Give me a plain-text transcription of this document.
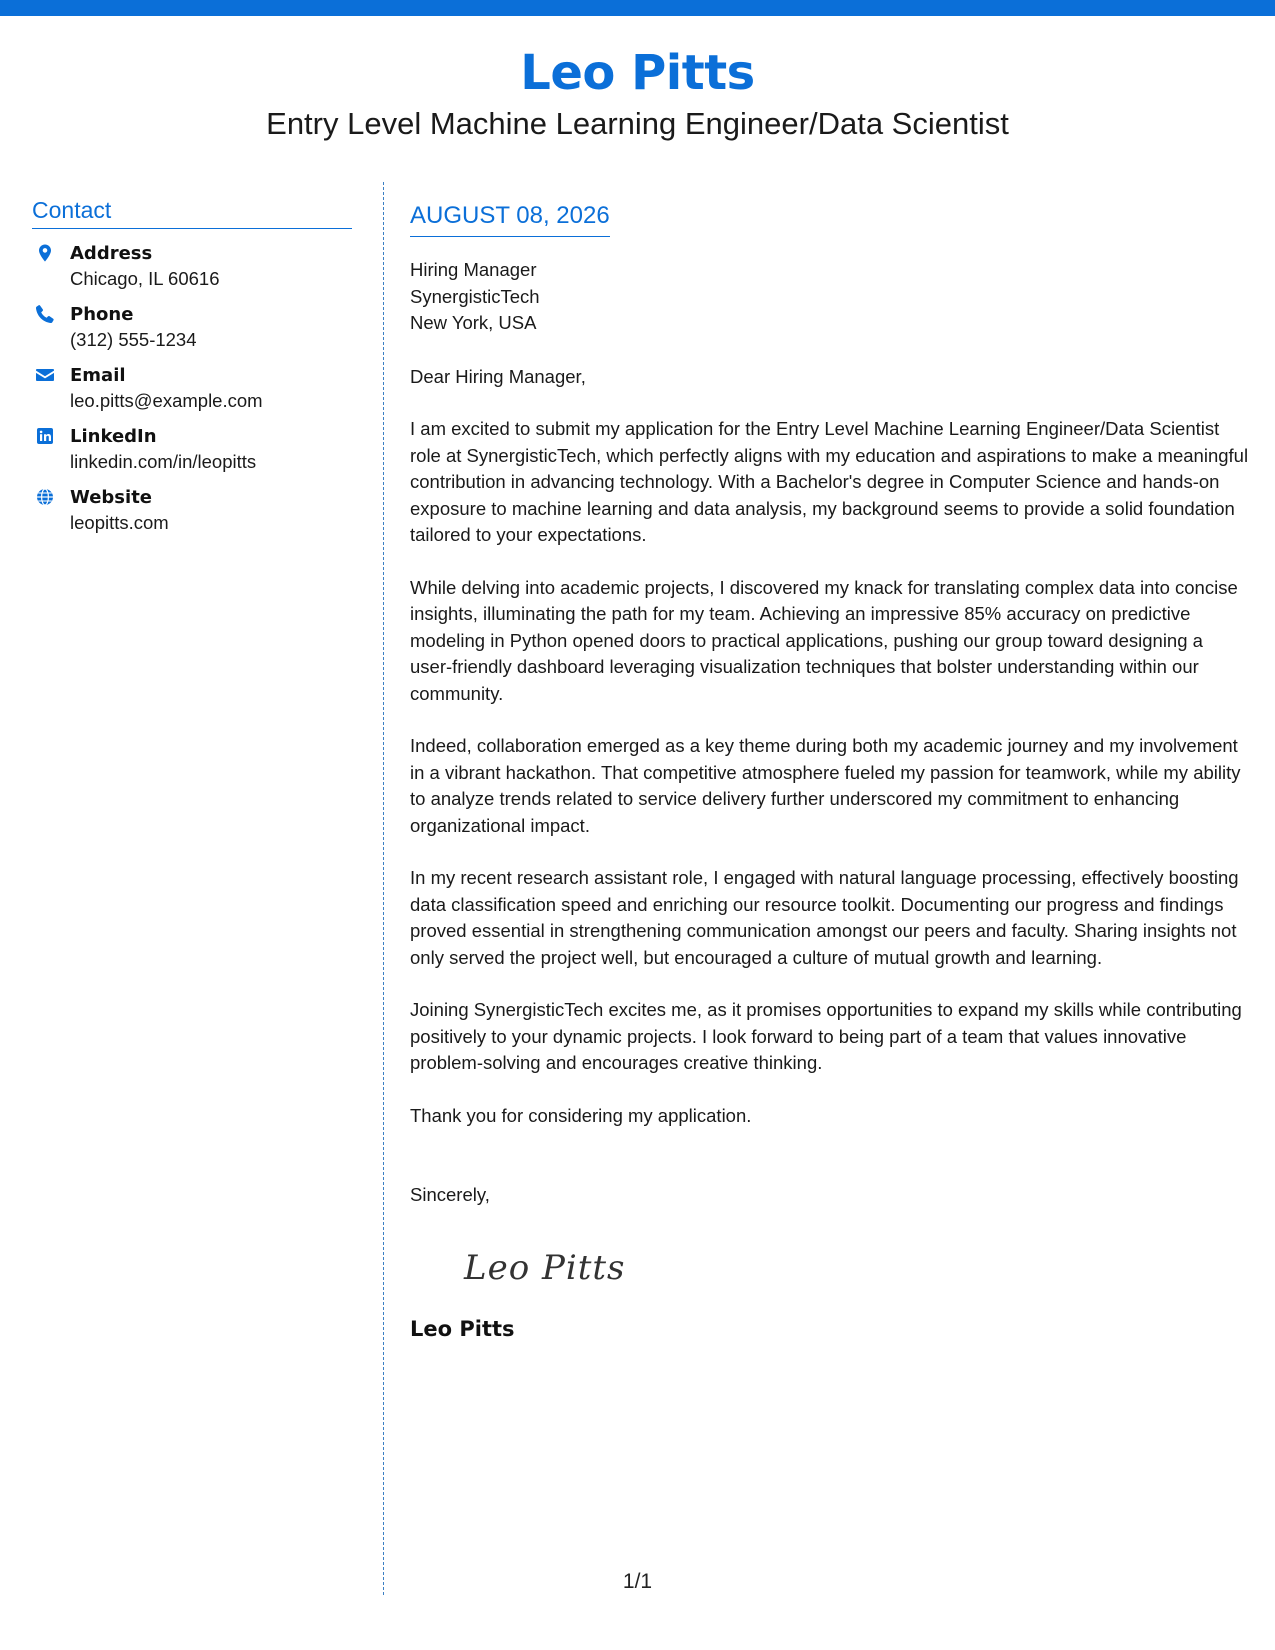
Leo Pitts
Entry Level Machine Learning Engineer/Data Scientist
Contact
Address
Chicago, IL 60616
Phone
(312) 555-1234
Email
leo.pitts@example.com
LinkedIn
linkedin.com/in/leopitts
Website
leopitts.com
AUGUST 08, 2026
Hiring Manager
SynergisticTech
New York, USA
Dear Hiring Manager,

I am excited to submit my application for the Entry Level Machine Learning Engineer/Data Scientist role at SynergisticTech, which perfectly aligns with my education and aspirations to make a meaningful contribution in advancing technology. With a Bachelor's degree in Computer Science and hands-on exposure to machine learning and data analysis, my background seems to provide a solid foundation tailored to your expectations.

While delving into academic projects, I discovered my knack for translating complex data into concise insights, illuminating the path for my team. Achieving an impressive 85% accuracy on predictive modeling in Python opened doors to practical applications, pushing our group toward designing a user-friendly dashboard leveraging visualization techniques that bolster understanding within our community.

Indeed, collaboration emerged as a key theme during both my academic journey and my involvement in a vibrant hackathon. That competitive atmosphere fueled my passion for teamwork, while my ability to analyze trends related to service delivery further underscored my commitment to enhancing organizational impact.

In my recent research assistant role, I engaged with natural language processing, effectively boosting data classification speed and enriching our resource toolkit. Documenting our progress and findings proved essential in strengthening communication amongst our peers and faculty. Sharing insights not only served the project well, but encouraged a culture of mutual growth and learning.

Joining SynergisticTech excites me, as it promises opportunities to expand my skills while contributing positively to your dynamic projects. I look forward to being part of a team that values innovative problem-solving and encourages creative thinking.

Thank you for considering my application.

Sincerely,
Leo Pitts
Leo Pitts
1/1
